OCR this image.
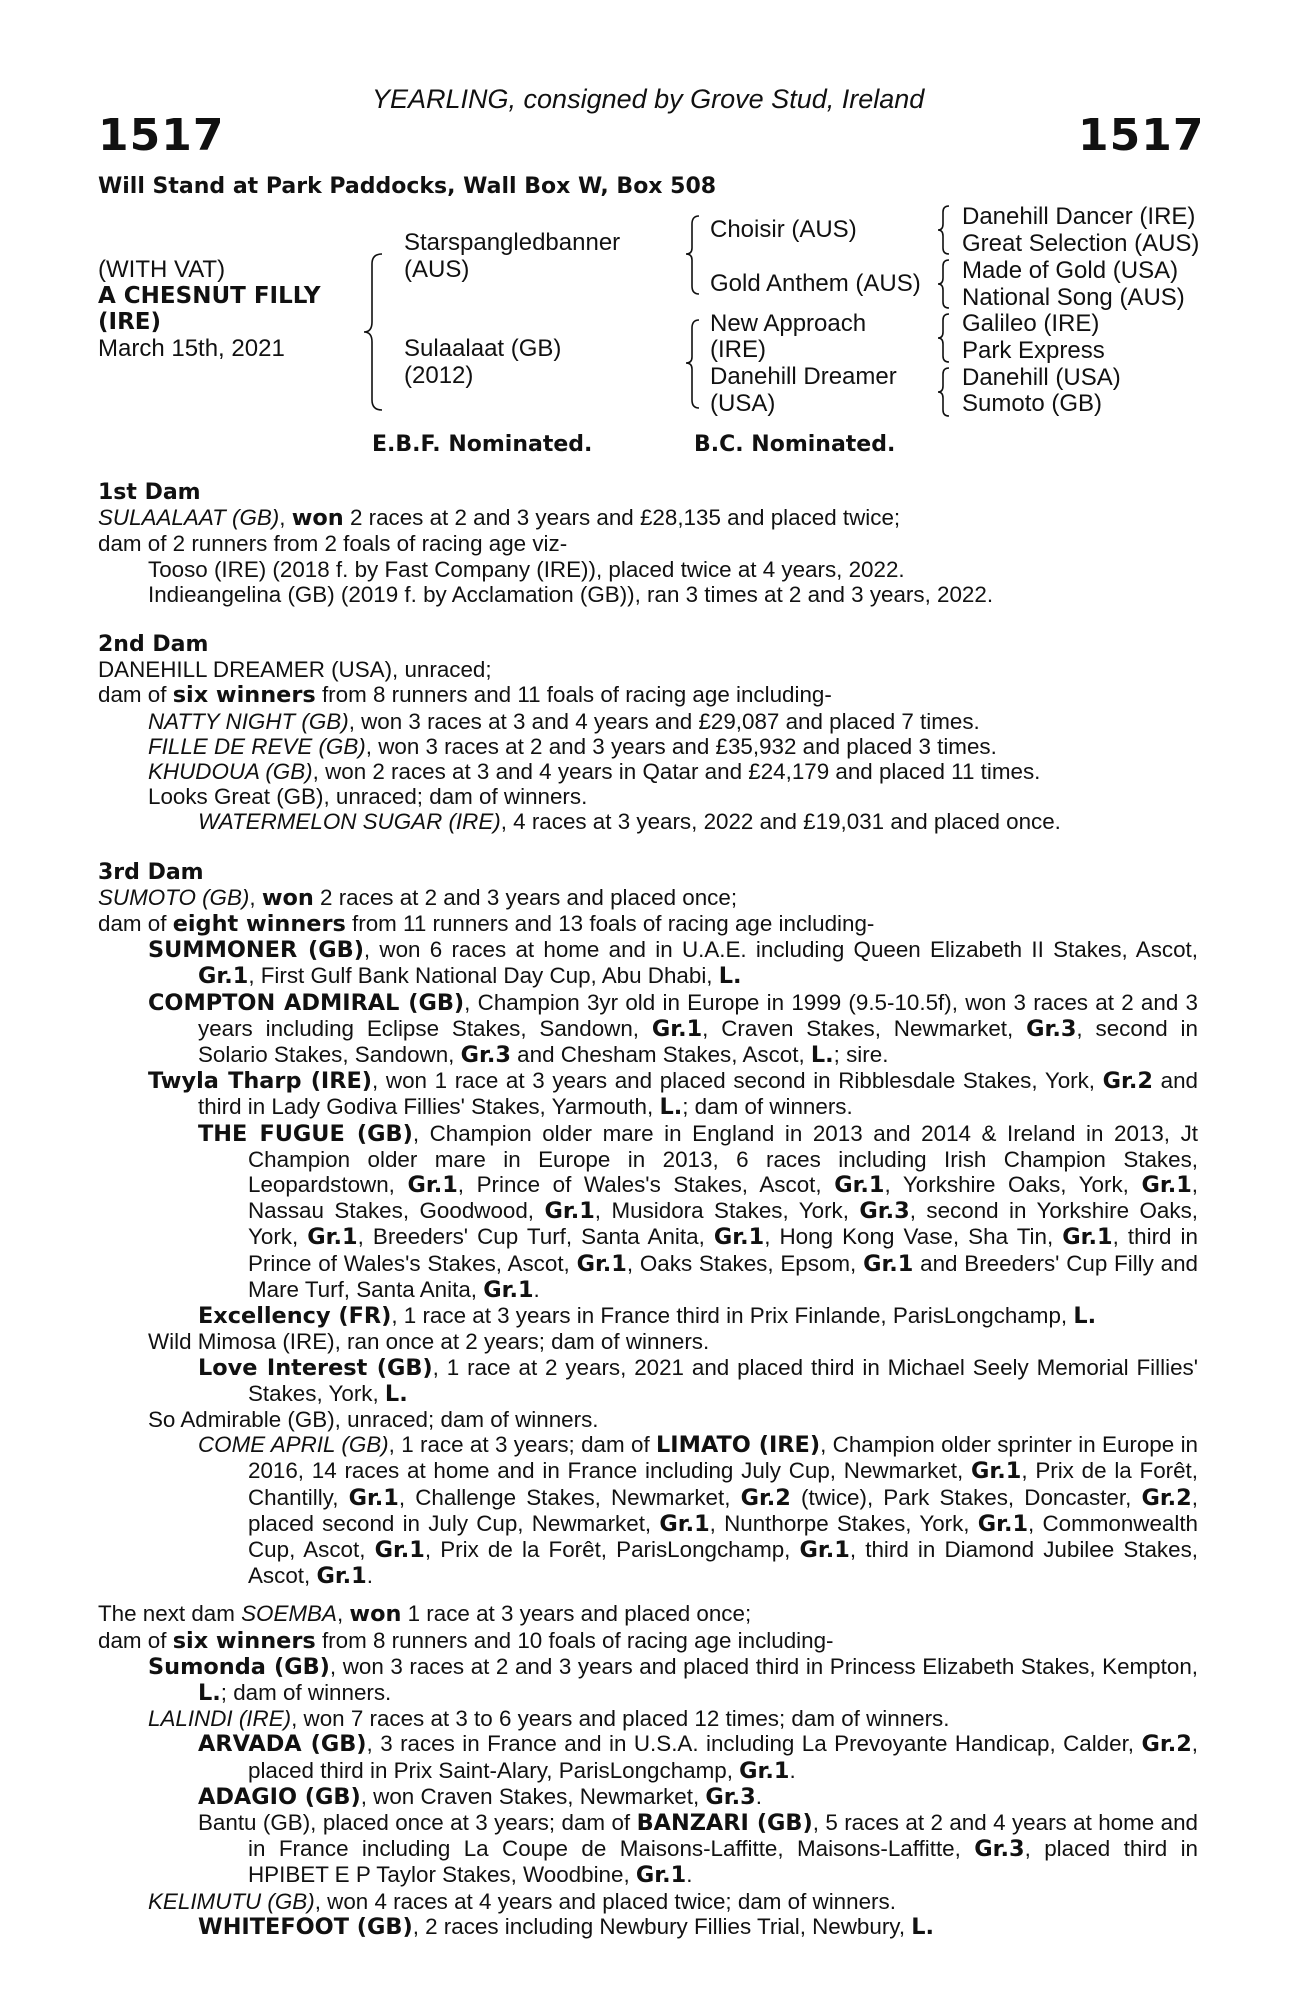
YEARLING, consigned by Grove Stud, Ireland
1517	1517
Will Stand at Park Paddocks, Wall Box W, Box 508
(WITH VAT)
A CHESNUT FILLY
(IRE)
March 15th, 2021
Starspangledbanner
(AUS)
Sulaalaat (GB)
(2012)
Choisir (AUS)
Gold Anthem (AUS)
New Approach
(IRE)
Danehill Dreamer
(USA)
Danehill Dancer (IRE)
Great Selection (AUS)
Made of Gold (USA)
National Song (AUS)
Galileo (IRE)
Park Express
Danehill (USA)
Sumoto (GB)
E.B.F. Nominated.	B.C. Nominated.

1st Dam

SULAALAAT (GB), won 2 races at 2 and 3 years and £28,135 and placed twice;

dam of 2 runners from 2 foals of racing age viz-

Tooso (IRE) (2018 f. by Fast Company (IRE)), placed twice at 4 years, 2022.

Indieangelina (GB) (2019 f. by Acclamation (GB)), ran 3 times at 2 and 3 years, 2022.

2nd Dam

DANEHILL DREAMER (USA), unraced;

dam of six winners from 8 runners and 11 foals of racing age including-

NATTY NIGHT (GB), won 3 races at 3 and 4 years and £29,087 and placed 7 times.

FILLE DE REVE (GB), won 3 races at 2 and 3 years and £35,932 and placed 3 times.

KHUDOUA (GB), won 2 races at 3 and 4 years in Qatar and £24,179 and placed 11 times.

Looks Great (GB), unraced; dam of winners.

WATERMELON SUGAR (IRE), 4 races at 3 years, 2022 and £19,031 and placed once.

3rd Dam

SUMOTO (GB), won 2 races at 2 and 3 years and placed once;

dam of eight winners from 11 runners and 13 foals of racing age including-

SUMMONER (GB), won 6 races at home and in U.A.E. including Queen Elizabeth II Stakes, Ascot, Gr.1, First Gulf Bank National Day Cup, Abu Dhabi, L.

COMPTON ADMIRAL (GB), Champion 3yr old in Europe in 1999 (9.5-10.5f), won 3 races at 2 and 3 years including Eclipse Stakes, Sandown, Gr.1, Craven Stakes, Newmarket, Gr.3, second in Solario Stakes, Sandown, Gr.3 and Chesham Stakes, Ascot, L.; sire.

Twyla Tharp (IRE), won 1 race at 3 years and placed second in Ribblesdale Stakes, York, Gr.2 and third in Lady Godiva Fillies' Stakes, Yarmouth, L.; dam of winners.

THE FUGUE (GB), Champion older mare in England in 2013 and 2014 & Ireland in 2013, Jt Champion older mare in Europe in 2013, 6 races including Irish Champion Stakes, Leopardstown, Gr.1, Prince of Wales's Stakes, Ascot, Gr.1, Yorkshire Oaks, York, Gr.1, Nassau Stakes, Goodwood, Gr.1, Musidora Stakes, York, Gr.3, second in Yorkshire Oaks, York, Gr.1, Breeders' Cup Turf, Santa Anita, Gr.1, Hong Kong Vase, Sha Tin, Gr.1, third in Prince of Wales's Stakes, Ascot, Gr.1, Oaks Stakes, Epsom, Gr.1 and Breeders' Cup Filly and Mare Turf, Santa Anita, Gr.1.

Excellency (FR), 1 race at 3 years in France third in Prix Finlande, ParisLongchamp, L.

Wild Mimosa (IRE), ran once at 2 years; dam of winners.

Love Interest (GB), 1 race at 2 years, 2021 and placed third in Michael Seely Memorial Fillies' Stakes, York, L.

So Admirable (GB), unraced; dam of winners.

COME APRIL (GB), 1 race at 3 years; dam of LIMATO (IRE), Champion older sprinter in Europe in 2016, 14 races at home and in France including July Cup, Newmarket, Gr.1, Prix de la Forêt, Chantilly, Gr.1, Challenge Stakes, Newmarket, Gr.2 (twice), Park Stakes, Doncaster, Gr.2, placed second in July Cup, Newmarket, Gr.1, Nunthorpe Stakes, York, Gr.1, Commonwealth Cup, Ascot, Gr.1, Prix de la Forêt, ParisLongchamp, Gr.1, third in Diamond Jubilee Stakes, Ascot, Gr.1.

The next dam SOEMBA, won 1 race at 3 years and placed once;

dam of six winners from 8 runners and 10 foals of racing age including-

Sumonda (GB), won 3 races at 2 and 3 years and placed third in Princess Elizabeth Stakes, Kempton, L.; dam of winners.

LALINDI (IRE), won 7 races at 3 to 6 years and placed 12 times; dam of winners.

ARVADA (GB), 3 races in France and in U.S.A. including La Prevoyante Handicap, Calder, Gr.2, placed third in Prix Saint-Alary, ParisLongchamp, Gr.1.

ADAGIO (GB), won Craven Stakes, Newmarket, Gr.3.

Bantu (GB), placed once at 3 years; dam of BANZARI (GB), 5 races at 2 and 4 years at home and in France including La Coupe de Maisons-Laffitte, Maisons-Laffitte, Gr.3, placed third in HPIBET E P Taylor Stakes, Woodbine, Gr.1.

KELIMUTU (GB), won 4 races at 4 years and placed twice; dam of winners.

WHITEFOOT (GB), 2 races including Newbury Fillies Trial, Newbury, L.
